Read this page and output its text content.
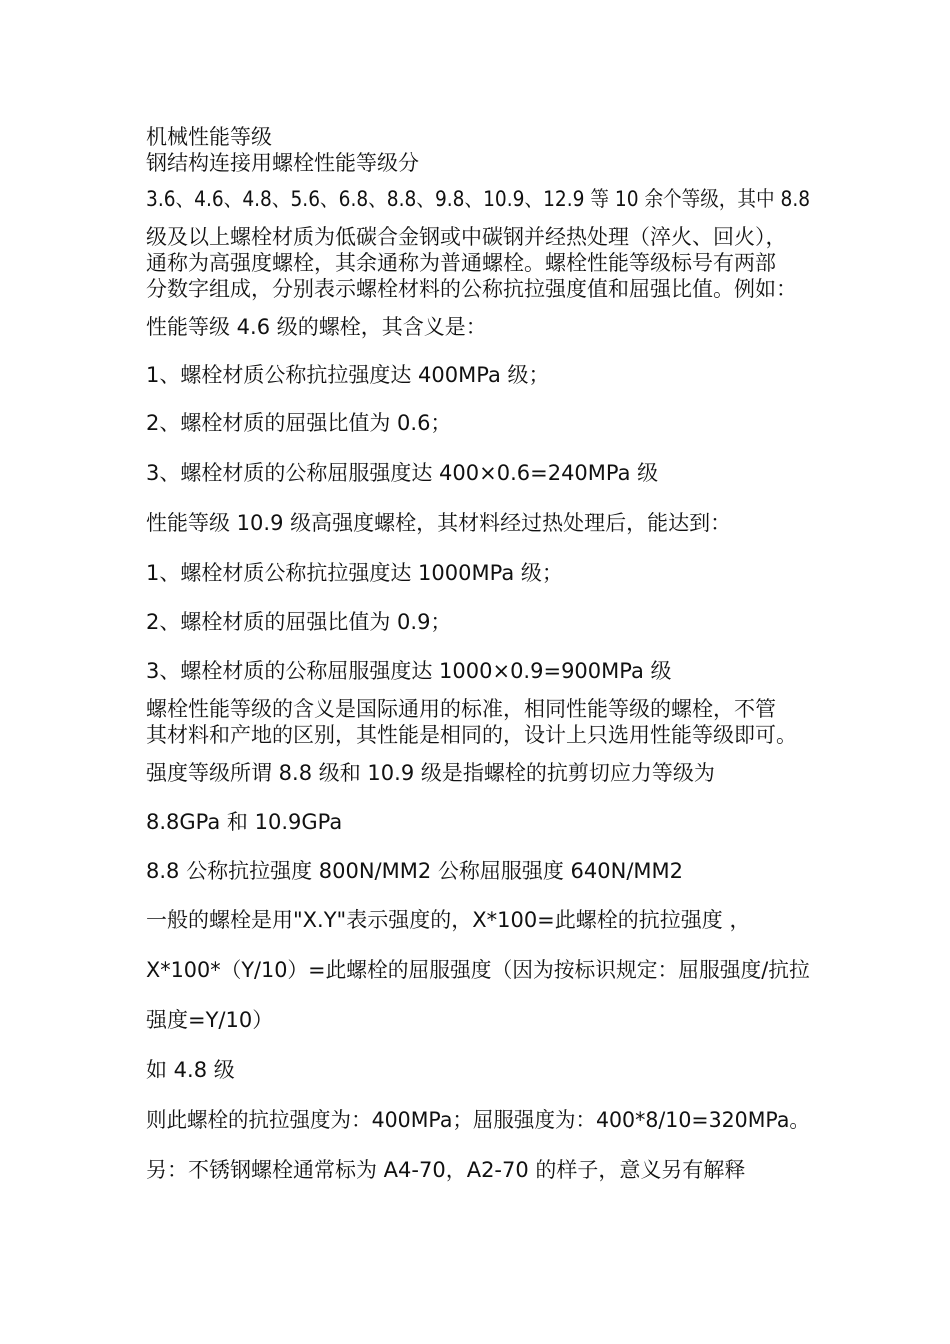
机械性能等级
钢结构连接用螺栓性能等级分
3.6、4.6、4.8、5.6、6.8、8.8、9.8、10.9、12.9 等 10 余个等级，其中 8.8
级及以上螺栓材质为低碳合金钢或中碳钢并经热处理（淬火、回火），
通称为高强度螺栓，其余通称为普通螺栓。螺栓性能等级标号有两部
分数字组成，分别表示螺栓材料的公称抗拉强度值和屈强比值。例如：
性能等级 4.6 级的螺栓，其含义是：
1、螺栓材质公称抗拉强度达 400MPa 级；
2、螺栓材质的屈强比值为 0.6；
3、螺栓材质的公称屈服强度达 400×0.6=240MPa 级
性能等级 10.9 级高强度螺栓，其材料经过热处理后，能达到：
1、螺栓材质公称抗拉强度达 1000MPa 级；
2、螺栓材质的屈强比值为 0.9；
3、螺栓材质的公称屈服强度达 1000×0.9=900MPa 级
螺栓性能等级的含义是国际通用的标准，相同性能等级的螺栓，不管
其材料和产地的区别，其性能是相同的，设计上只选用性能等级即可。
强度等级所谓 8.8 级和 10.9 级是指螺栓的抗剪切应力等级为
8.8GPa 和 10.9GPa
8.8 公称抗拉强度 800N/MM2 公称屈服强度 640N/MM2
一般的螺栓是用"X.Y"表示强度的，X*100=此螺栓的抗拉强度 ，
X*100*（Y/10）=此螺栓的屈服强度（因为按标识规定：屈服强度/抗拉
强度=Y/10）
如 4.8 级
则此螺栓的抗拉强度为：400MPa；屈服强度为：400*8/10=320MPa。
另：不锈钢螺栓通常标为 A4-70，A2-70 的样子，意义另有解释
